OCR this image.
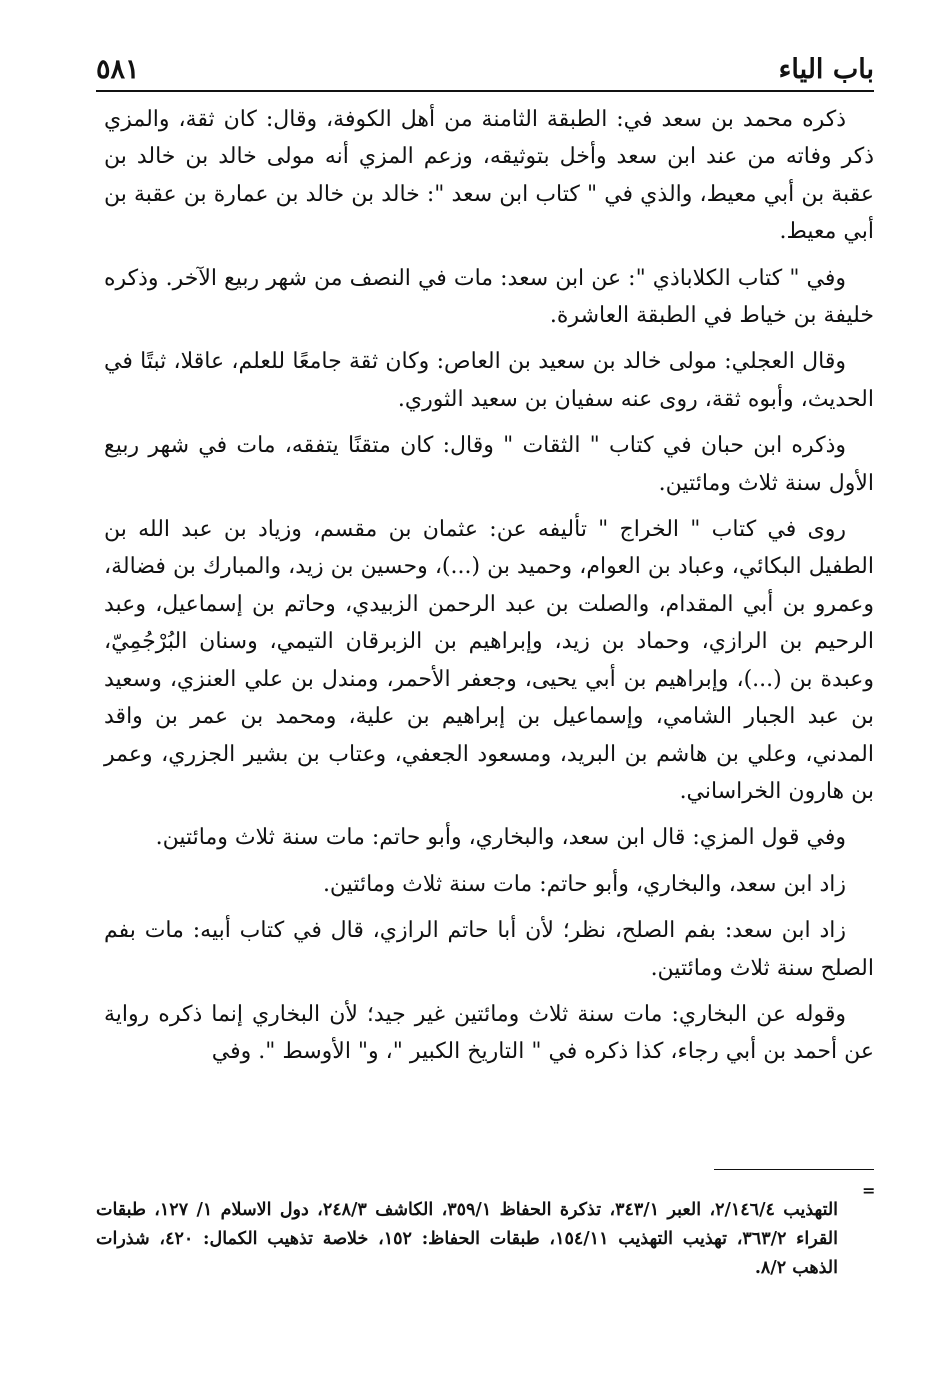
باب الياء
٥٨١

ذكره محمد بن سعد في: الطبقة الثامنة من أهل الكوفة، وقال: كان ثقة، والمزي ذكر وفاته من عند ابن سعد وأخل بتوثيقه، وزعم المزي أنه مولى خالد بن خالد بن عقبة بن أبي معيط، والذي في " كتاب ابن سعد ": خالد بن خالد بن عمارة بن عقبة بن أبي معيط.

وفي " كتاب الكلاباذي ": عن ابن سعد: مات في النصف من شهر ربيع الآخر. وذكره خليفة بن خياط في الطبقة العاشرة.

وقال العجلي: مولى خالد بن سعيد بن العاص: وكان ثقة جامعًا للعلم، عاقلا، ثبتًا في الحديث، وأبوه ثقة، روى عنه سفيان بن سعيد الثوري.

وذكره ابن حبان في كتاب " الثقات " وقال: كان متقنًا يتفقه، مات في شهر ربيع الأول سنة ثلاث ومائتين.

روى في كتاب " الخراج " تأليفه عن: عثمان بن مقسم، وزياد بن عبد الله بن الطفيل البكائي، وعباد بن العوام، وحميد بن (...)، وحسين بن زيد، والمبارك بن فضالة، وعمرو بن أبي المقدام، والصلت بن عبد الرحمن الزبيدي، وحاتم بن إسماعيل، وعبد الرحيم بن الرازي، وحماد بن زيد، وإبراهيم بن الزبرقان التيمي، وسنان البُرْجُمِيّ، وعبدة بن (...)، وإبراهيم بن أبي يحيى، وجعفر الأحمر، ومندل بن علي العنزي، وسعيد بن عبد الجبار الشامي، وإسماعيل بن إبراهيم بن علية، ومحمد بن عمر بن واقد المدني، وعلي بن هاشم بن البريد، ومسعود الجعفي، وعتاب بن بشير الجزري، وعمر بن هارون الخراساني.

وفي قول المزي: قال ابن سعد، والبخاري، وأبو حاتم: مات سنة ثلاث ومائتين.

زاد ابن سعد، والبخاري، وأبو حاتم: مات سنة ثلاث ومائتين.

زاد ابن سعد: بفم الصلح، نظر؛ لأن أبا حاتم الرازي، قال في كتاب أبيه: مات بفم الصلح سنة ثلاث ومائتين.

وقوله عن البخاري: مات سنة ثلاث ومائتين غير جيد؛ لأن البخاري إنما ذكره رواية عن أحمد بن أبي رجاء، كذا ذكره في " التاريخ الكبير "، و" الأوسط ". وفي

=
التهذيب ٢/١٤٦/٤، العبر ٣٤٣/١، تذكرة الحفاظ ٣٥٩/١، الكاشف ٢٤٨/٣، دول الاسلام ١/ ١٢٧، طبقات القراء ٣٦٣/٢، تهذيب التهذيب ١٥٤/١١، طبقات الحفاظ: ١٥٢، خلاصة تذهيب الكمال: ٤٢٠، شذرات الذهب ٨/٢.
